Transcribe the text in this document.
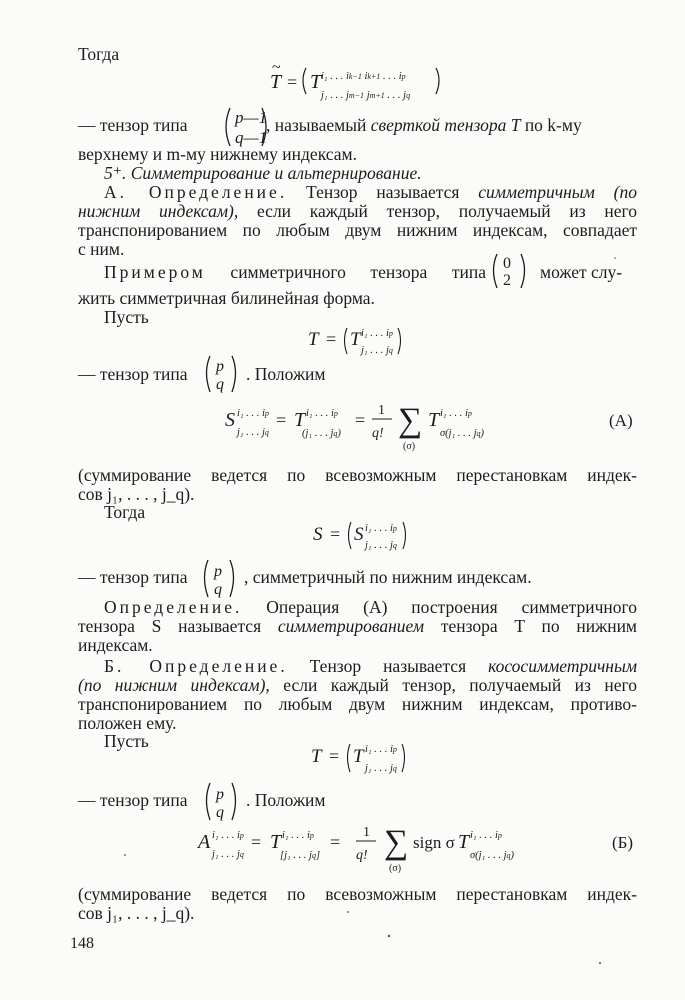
Тогда
— тензор типа	, называемый сверткой тензора T по k-му
верхнему и m-му нижнему индексам.
5⁺. Симметрирование и альтернирование.
А. Определение. Тензор называется симметричным (по
нижним индексам), если каждый тензор, получаемый из него
транспонированием по любым двум нижним индексам, совпадает
с ним.
Примером симметричного тензора типа	может слу-
жить симметричная билинейная форма.
Пусть
— тензор типа	. Положим
(суммирование ведется по всевозможным перестановкам индек-
сов j₁, . . . , j_q).
Тогда
— тензор типа	, симметричный по нижним индексам.
Определение. Операция (А) построения симметричного
тензора S называется симметрированием тензора T по нижним
индексам.
Б. Определение. Тензор называется кососимметричным
(по нижним индексам), если каждый тензор, получаемый из него
транспонированием по любым двум нижним индексам, противо-
положен ему.
Пусть
— тензор типа	. Положим
(суммирование ведется по всевозможным перестановкам индек-
сов j₁, . . . , j_q).
148
T
~
= T i₁ . . . ik−1 ik+1 . . . ip
j₁ . . . jm−1 jm+1 . . . jq
p—1
q—1
0
2
T = T i₁ . . . ip
j₁ . . . jq
p
q
S i₁ . . . ip
j₁ . . . jq
= T i₁ . . . ip
(j₁ . . . jq)
= 1
q! ∑
(σ)
T i₁ . . . ip
σ(j₁ . . . jq)
(А)
S = S i₁ . . . ip
j₁ . . . jq
p
q
T = T i₁ . . . ip
j₁ . . . jq
p
q
A i₁ . . . ip
j₁ . . . jq
= T i₁ . . . ip
[j₁ . . . jq]
= 1
q! ∑
(σ)
sign σ T i₁ . . . ip
σ(j₁ . . . jq)
(Б)
